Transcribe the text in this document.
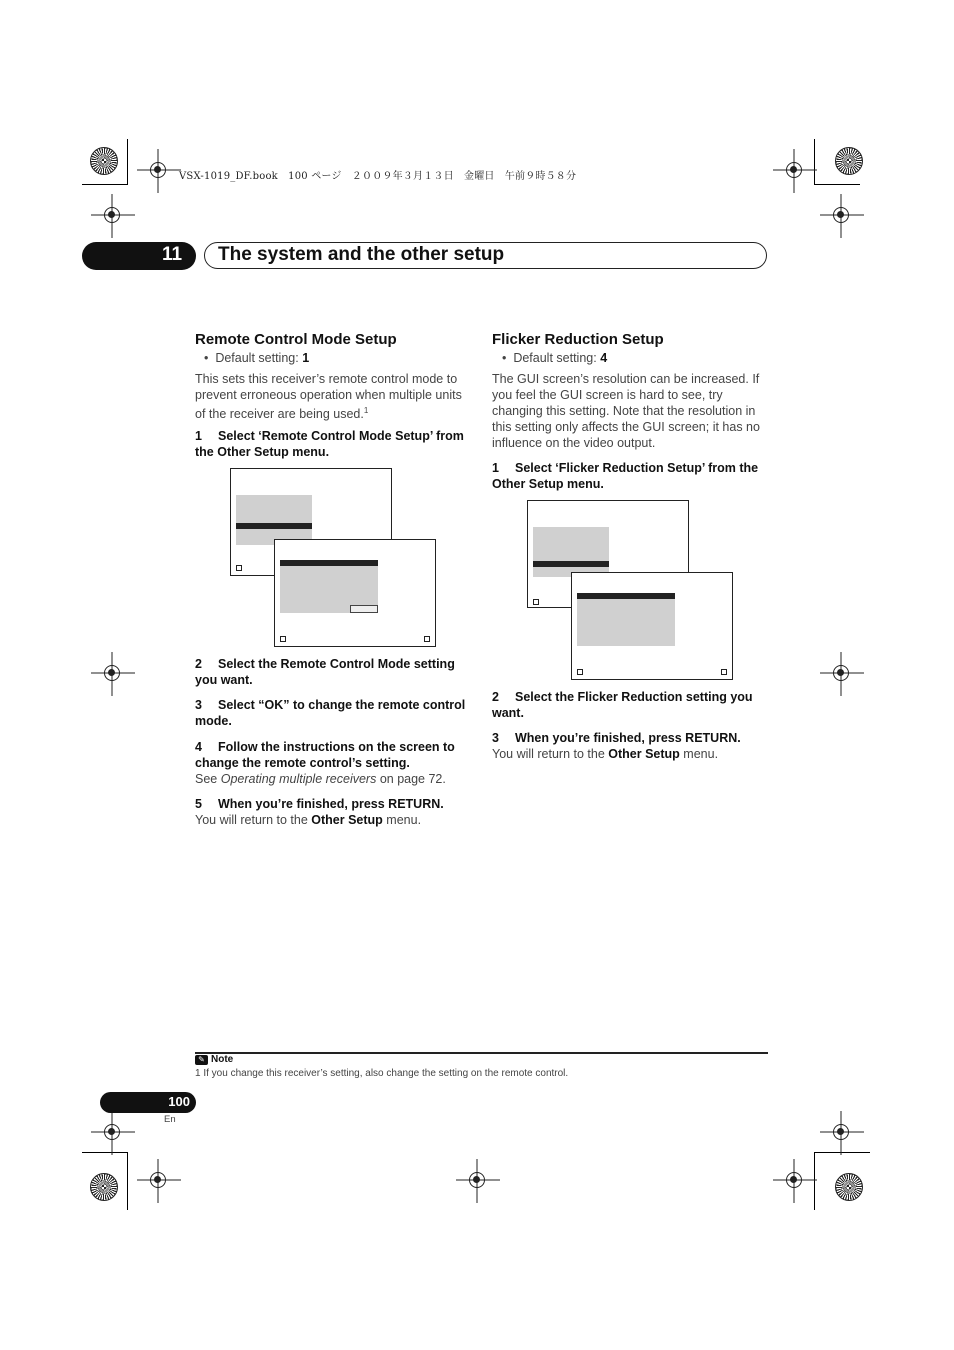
VSX-1019_DF.book　100 ページ　２００９年３月１３日　金曜日　午前９時５８分
11	The system and the other setup
Remote Control Mode Setup
•  Default setting: 1
This sets this receiver’s remote control mode to prevent erroneous operation when multiple units of the receiver are being used.$^1$
1 Select ‘Remote Control Mode Setup’ from the Other Setup menu.
2 Select the Remote Control Mode setting you want.
3 Select “OK” to change the remote control mode.
4 Follow the instructions on the screen to change the remote control’s setting.
See Operating multiple receivers on page 72.
5 When you’re finished, press RETURN.
You will return to the Other Setup menu.
Flicker Reduction Setup
•  Default setting: 4
The GUI screen’s resolution can be increased. If you feel the GUI screen is hard to see, try changing this setting. Note that the resolution in this setting only affects the GUI screen; it has no influence on the video output.
1 Select ‘Flicker Reduction Setup’ from the Other Setup menu.
2 Select the Flicker Reduction setting you want.
3 When you’re finished, press RETURN.
You will return to the Other Setup menu.
✎ Note
1 If you change this receiver’s setting, also change the setting on the remote control.
100
En
